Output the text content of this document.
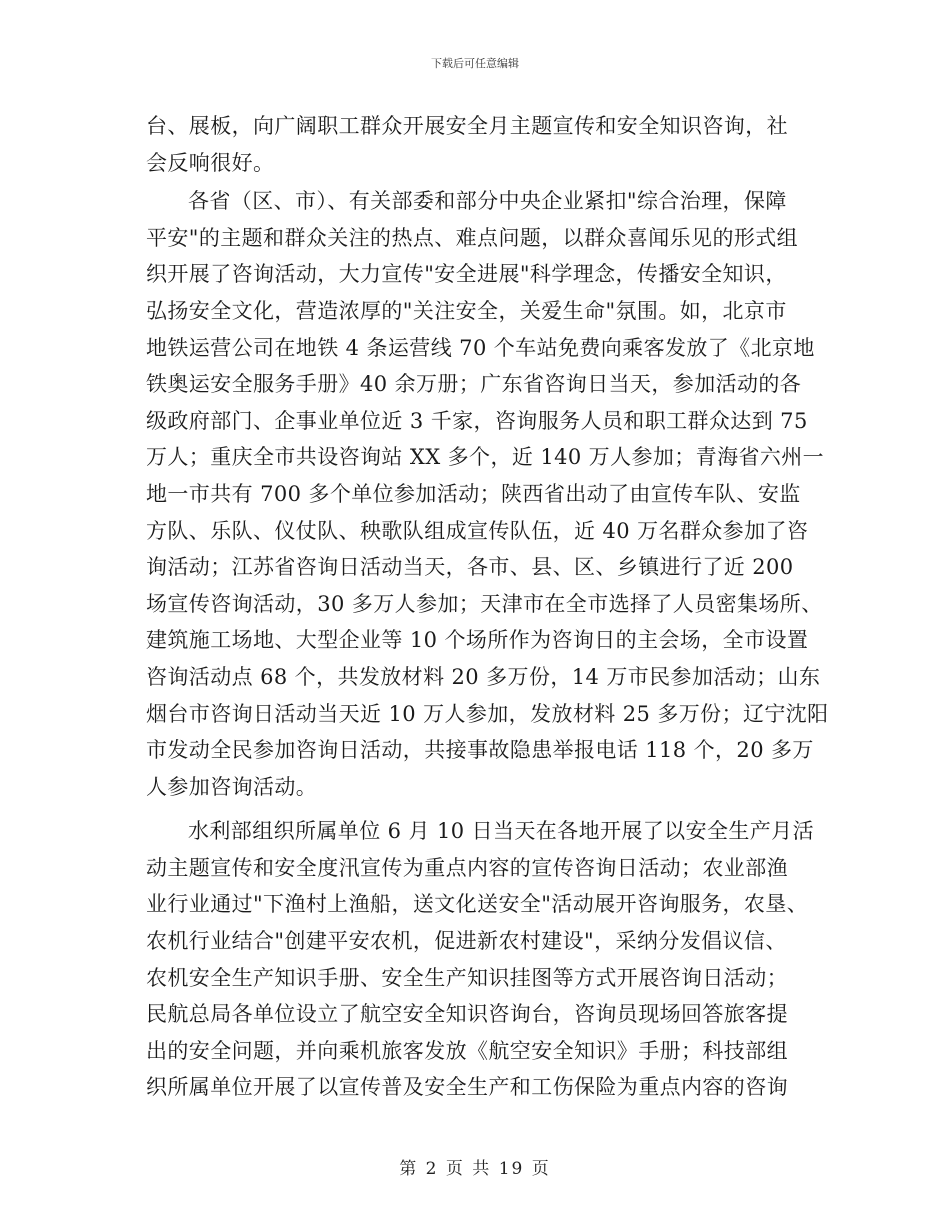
下载后可任意编辑

台、展板，向广阔职工群众开展安全月主题宣传和安全知识咨询，社
会反响很好。

各省（区、市）、有关部委和部分中央企业紧扣"综合治理，保障
平安"的主题和群众关注的热点、难点问题，以群众喜闻乐见的形式组
织开展了咨询活动，大力宣传"安全进展"科学理念，传播安全知识，
弘扬安全文化，营造浓厚的"关注安全，关爱生命"氛围。如，北京市
地铁运营公司在地铁 4 条运营线 70 个车站免费向乘客发放了《北京地
铁奥运安全服务手册》40 余万册；广东省咨询日当天，参加活动的各
级政府部门、企事业单位近 3 千家，咨询服务人员和职工群众达到 75
万人；重庆全市共设咨询站 XX 多个，近 140 万人参加；青海省六州一
地一市共有 700 多个单位参加活动；陕西省出动了由宣传车队、安监
方队、乐队、仪仗队、秧歌队组成宣传队伍，近 40 万名群众参加了咨
询活动；江苏省咨询日活动当天，各市、县、区、乡镇进行了近 200
场宣传咨询活动，30 多万人参加；天津市在全市选择了人员密集场所、
建筑施工场地、大型企业等 10 个场所作为咨询日的主会场，全市设置
咨询活动点 68 个，共发放材料 20 多万份，14 万市民参加活动；山东
烟台市咨询日活动当天近 10 万人参加，发放材料 25 多万份；辽宁沈阳
市发动全民参加咨询日活动，共接事故隐患举报电话 118 个，20 多万
人参加咨询活动。

水利部组织所属单位 6 月 10 日当天在各地开展了以安全生产月活
动主题宣传和安全度汛宣传为重点内容的宣传咨询日活动；农业部渔
业行业通过"下渔村上渔船，送文化送安全"活动展开咨询服务，农垦、
农机行业结合"创建平安农机，促进新农村建设"，采纳分发倡议信、
农机安全生产知识手册、安全生产知识挂图等方式开展咨询日活动；
民航总局各单位设立了航空安全知识咨询台，咨询员现场回答旅客提
出的安全问题，并向乘机旅客发放《航空安全知识》手册；科技部组
织所属单位开展了以宣传普及安全生产和工伤保险为重点内容的咨询

第 2 页 共 19 页
